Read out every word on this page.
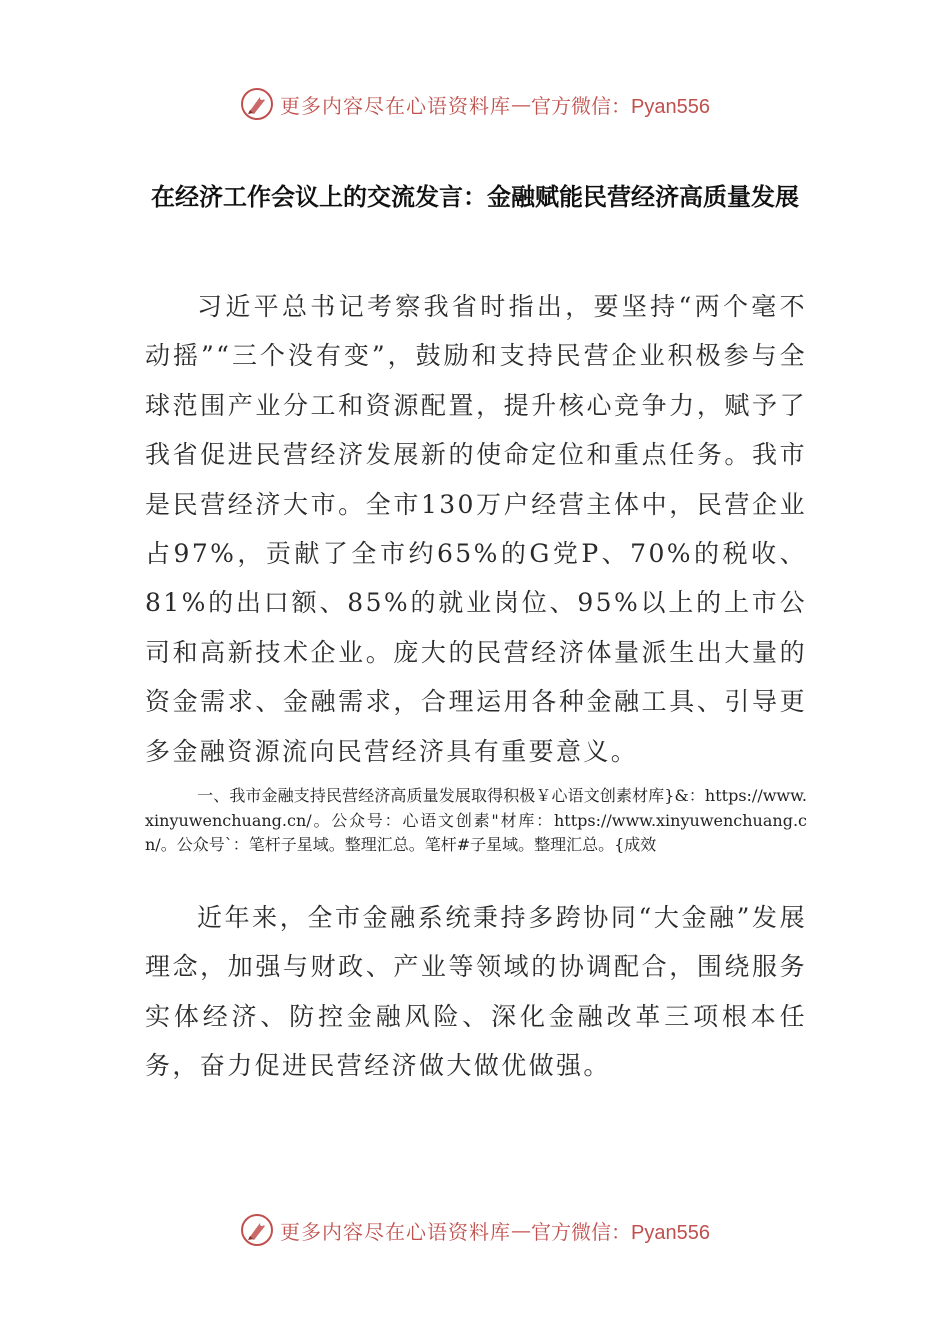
更多内容尽在心语资料库 — 官方微信：Pyan556
在经济工作会议上的交流发言：金融赋能民营经济高质量发展
习近平总书记考察我省时指出，要坚持“两个毫不动摇”“三个没有变”，鼓励和支持民营企业积极参与全球范围产业分工和资源配置，提升核心竞争力，赋予了我省促进民营经济发展新的使命定位和重点任务。我市是民营经济大市。全市130万户经营主体中，民营企业占97%，贡献了全市约65%的G党P、70%的税收、81%的出口额、85%的就业岗位、95%以上的上市公司和高新技术企业。庞大的民营经济体量派生出大量的资金需求、金融需求，合理运用各种金融工具、引导更多金融资源流向民营经济具有重要意义。
一、我市金融支持民营经济高质量发展取得积极￥心语文创素材库}&：https://www.xinyuwenchuang.cn/。公众号：心语文创素"材库：https://www.xinyuwenchuang.cn/。公众号`：笔杆子星域。整理汇总。笔杆#子星域。整理汇总。{成效
近年来，全市金融系统秉持多跨协同“大金融”发展理念，加强与财政、产业等领域的协调配合，围绕服务实体经济、防控金融风险、深化金融改革三项根本任务，奋力促进民营经济做大做优做强。
更多内容尽在心语资料库 — 官方微信：Pyan556
